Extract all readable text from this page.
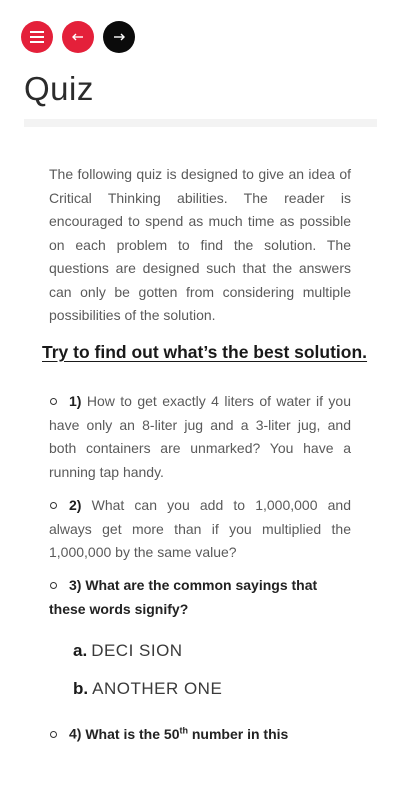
Quiz

The following quiz is designed to give an idea of Critical Thinking abilities. The reader is encouraged to spend as much time as possible on each problem to find the solution. The questions are designed such that the answers can only be gotten from considering multiple possibilities of the solution.

Try to find out what’s the best solution.
1) How to get exactly 4 liters of water if you have only an 8-liter jug and a 3-liter jug, and both containers are unmarked? You have a running tap handy.
2) What can you add to 1,000,000 and always get more than if you multiplied the 1,000,000 by the same value?
3) What are the common sayings that these words signify?
a. DECI SION
b. ANOTHER ONE
4) What is the 50th number in this
